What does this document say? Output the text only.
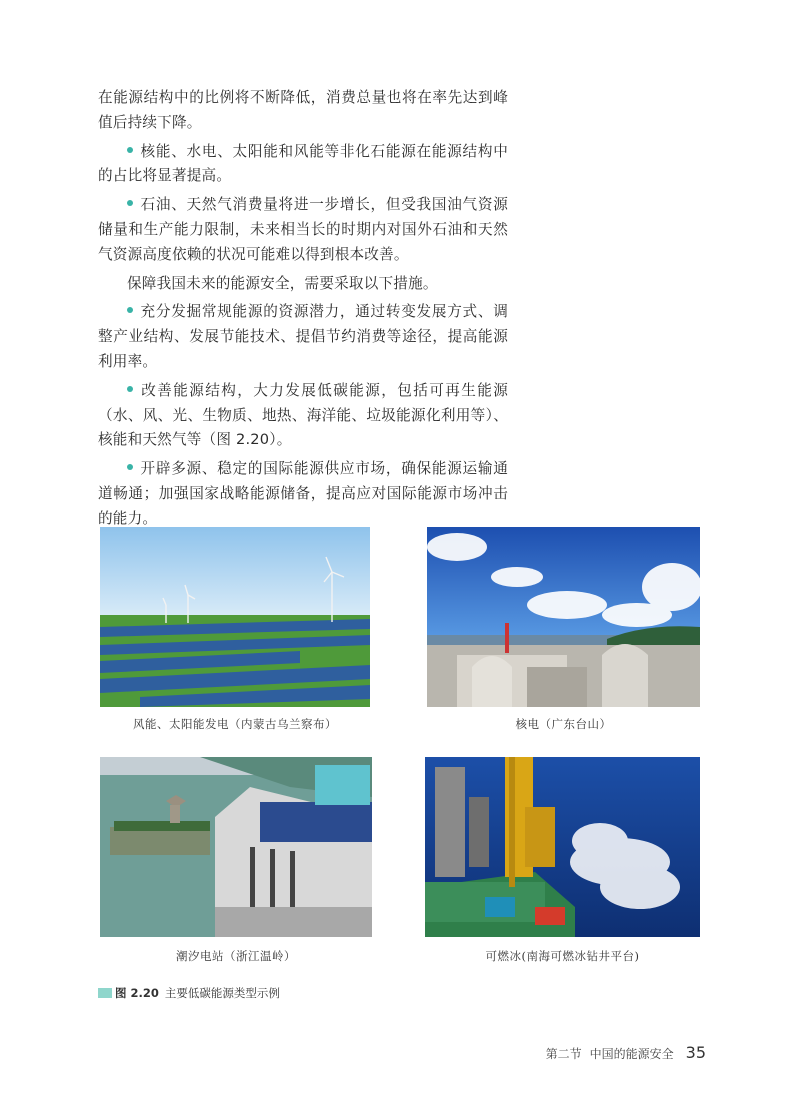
在能源结构中的比例将不断降低，消费总量也将在率先达到峰值后持续下降。

核能、水电、太阳能和风能等非化石能源在能源结构中的占比将显著提高。

石油、天然气消费量将进一步增长，但受我国油气资源储量和生产能力限制，未来相当长的时期内对国外石油和天然气资源高度依赖的状况可能难以得到根本改善。

保障我国未来的能源安全，需要采取以下措施。

充分发掘常规能源的资源潜力，通过转变发展方式、调整产业结构、发展节能技术、提倡节约消费等途径，提高能源利用率。

改善能源结构，大力发展低碳能源，包括可再生能源（水、风、光、生物质、地热、海洋能、垃圾能源化利用等）、核能和天然气等（图 2.20）。

开辟多源、稳定的国际能源供应市场，确保能源运输通道畅通；加强国家战略能源储备，提高应对国际能源市场冲击的能力。

风能、太阳能发电（内蒙古乌兰察布）	核电（广东台山）
潮汐电站（浙江温岭）	可燃冰(南海可燃冰钻井平台)
图 2.20 主要低碳能源类型示例
第二节 中国的能源安全 35
